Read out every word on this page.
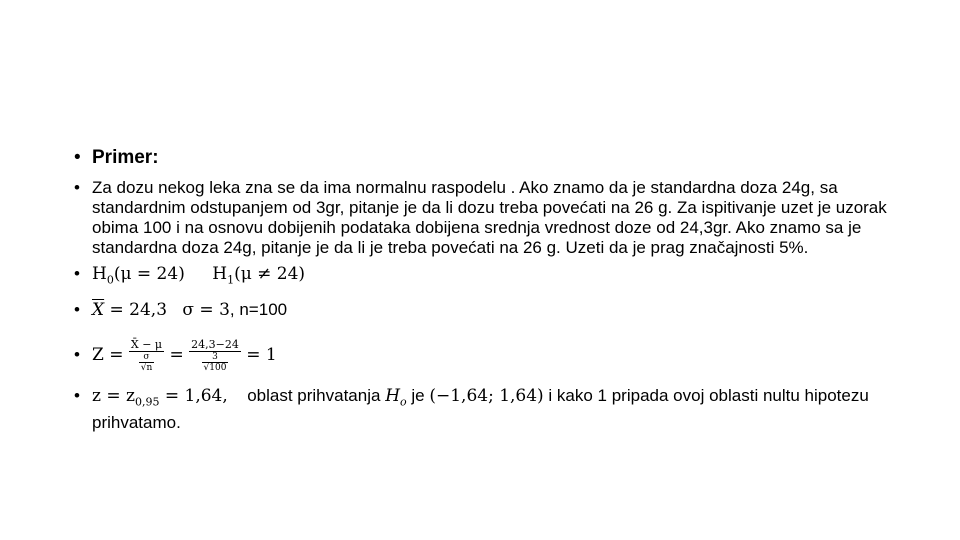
• Primer:
• Za dozu nekog leka zna se da ima normalnu raspodelu . Ako znamo da je standardna doza 24g, sa standardnim odstupanjem od 3gr, pitanje je da li dozu treba povećati na 26 g. Za ispitivanje uzet je uzorak obima 100 i na osnovu dobijenih podataka dobijena srednja vrednost doze od 24,3gr. Ako znamo sa je standardna doza 24g, pitanje je da li je treba povećati na 26 g. Uzeti da je prag značajnosti 5%.
• $H_0(\mu = 24) H_1(\mu \ne 24)$
• $\overline{X} = 24,3$ σ = 3, n=100
• $Z = \frac{X̄ - \mu}{\frac{\sigma}{√n}} = \frac{24,3-24}{\frac{3}{√100}} = 1$
• $z = z_{0,95} = 1,64$, oblast prihvatanja $H_o$ je (−1,64; 1,64) i kako 1 pripada ovoj oblasti nultu hipotezu prihvatamo.
